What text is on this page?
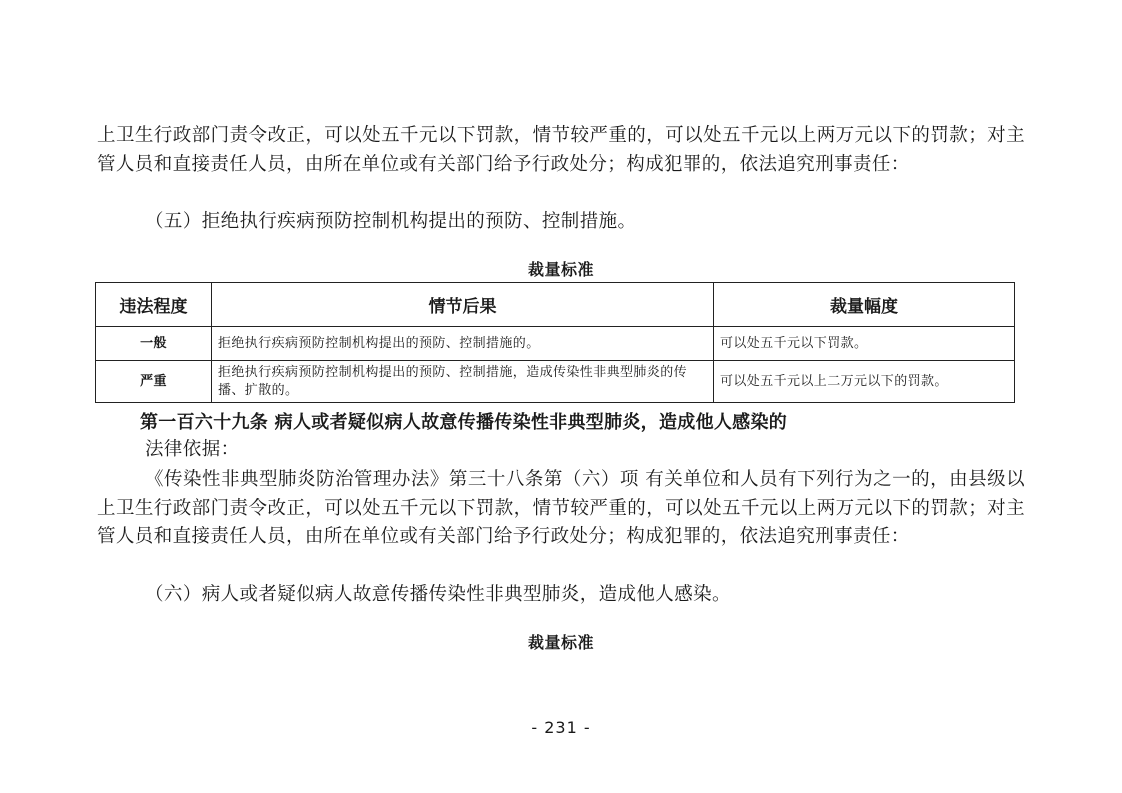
上卫生行政部门责令改正，可以处五千元以下罚款，情节较严重的，可以处五千元以上两万元以下的罚款；对主管人员和直接责任人员，由所在单位或有关部门给予行政处分；构成犯罪的，依法追究刑事责任：

（五）拒绝执行疾病预防控制机构提出的预防、控制措施。

裁量标准

违法程度	情节后果	裁量幅度
一般	拒绝执行疾病预防控制机构提出的预防、控制措施的。	可以处五千元以下罚款。
严重	拒绝执行疾病预防控制机构提出的预防、控制措施，造成传染性非典型肺炎的传播、扩散的。	可以处五千元以上二万元以下的罚款。

第一百六十九条 病人或者疑似病人故意传播传染性非典型肺炎，造成他人感染的

法律依据：

《传染性非典型肺炎防治管理办法》第三十八条第（六）项 有关单位和人员有下列行为之一的，由县级以上卫生行政部门责令改正，可以处五千元以下罚款，情节较严重的，可以处五千元以上两万元以下的罚款；对主管人员和直接责任人员，由所在单位或有关部门给予行政处分；构成犯罪的，依法追究刑事责任：

（六）病人或者疑似病人故意传播传染性非典型肺炎，造成他人感染。

裁量标准

- 231 -
